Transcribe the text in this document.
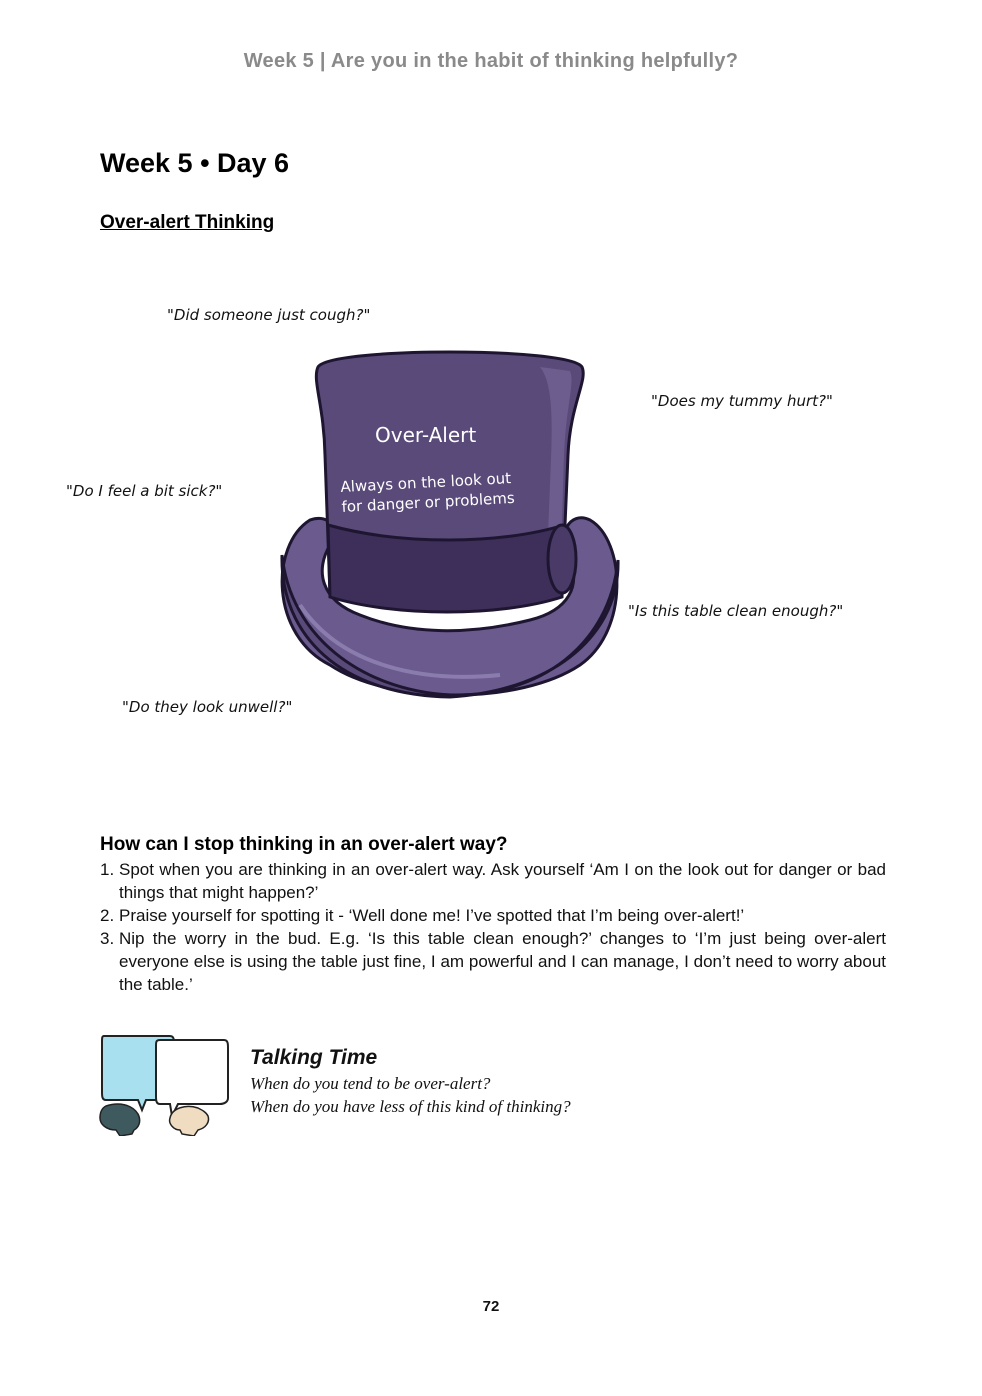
Week 5 | Are you in the habit of thinking helpfully?
Week 5 • Day 6
Over-alert Thinking
"Did someone just cough?"
"Does my tummy hurt?"
"Do I feel a bit sick?"
"Is this table clean enough?"
"Do they look unwell?"
Over-Alert
Always on the look out
for danger or problems
How can I stop thinking in an over-alert way?
1. Spot when you are thinking in an over-alert way. Ask yourself ‘Am I on the look out for danger or bad things that might happen?’
2. Praise yourself for spotting it - ‘Well done me! I’ve spotted that I’m being over-alert!’
3. Nip the worry in the bud. E.g. ‘Is this table clean enough?’ changes to ‘I’m just being over-alert everyone else is using the table just fine, I am powerful and I can manage, I don’t need to worry about the table.’
Talking Time
When do you tend to be over-alert?
When do you have less of this kind of thinking?
72
